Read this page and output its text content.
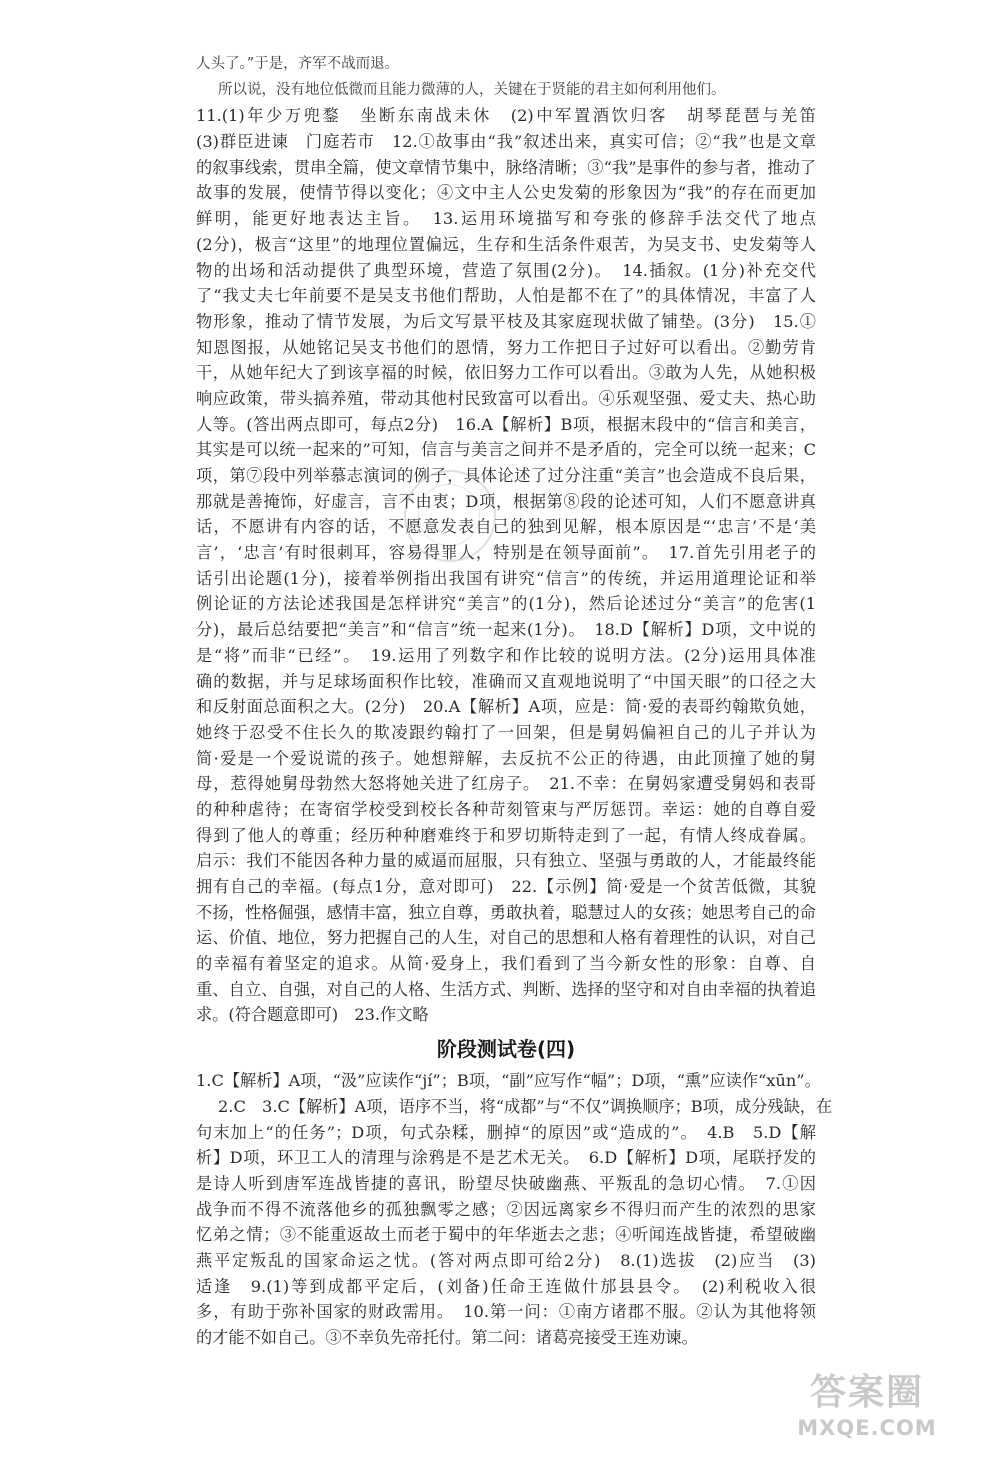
人头了。”于是，齐军不战而退。
所以说，没有地位低微而且能力微薄的人，关键在于贤能的君主如何利用他们。
11.(1)年少万兜鍪　坐断东南战未休　(2)中军置酒饮归客　胡琴琵琶与羌笛
(3)群臣进谏　门庭若市　12.①故事由“我”叙述出来，真实可信；②“我”也是文章
的叙事线索，贯串全篇，使文章情节集中，脉络清晰；③“我”是事件的参与者，推动了
故事的发展，使情节得以变化；④文中主人公史发菊的形象因为“我”的存在而更加
鲜明，能更好地表达主旨。　13.运用环境描写和夸张的修辞手法交代了地点
(2分)，极言“这里”的地理位置偏远，生存和生活条件艰苦，为吴支书、史发菊等人
物的出场和活动提供了典型环境，营造了氛围(2分)。　14.插叙。(1分)补充交代
了“我丈夫七年前要不是吴支书他们帮助，人怕是都不在了”的具体情况，丰富了人
物形象，推动了情节发展，为后文写景平枝及其家庭现状做了铺垫。(3分)　15.①
知恩图报，从她铭记吴支书他们的恩情，努力工作把日子过好可以看出。②勤劳肯
干，从她年纪大了到该享福的时候，依旧努力工作可以看出。③敢为人先，从她积极
响应政策，带头搞养殖，带动其他村民致富可以看出。④乐观坚强、爱丈夫、热心助
人等。(答出两点即可，每点2分)　16.A【解析】B项，根据末段中的“信言和美言，
其实是可以统一起来的”可知，信言与美言之间并不是矛盾的，完全可以统一起来；C
项，第⑦段中列举慕志演词的例子，具体论述了过分注重“美言”也会造成不良后果，
那就是善掩饰，好虚言，言不由衷；D项，根据第⑧段的论述可知，人们不愿意讲真
话，不愿讲有内容的话，不愿意发表自己的独到见解，根本原因是“‘忠言’不是‘美
言’，‘忠言’有时很刺耳，容易得罪人，特别是在领导面前”。　17.首先引用老子的
话引出论题(1分)，接着举例指出我国有讲究“信言”的传统，并运用道理论证和举
例论证的方法论述我国是怎样讲究“美言”的(1分)，然后论述过分“美言”的危害(1
分)，最后总结要把“美言”和“信言”统一起来(1分)。　18.D【解析】D项，文中说的
是“将”而非“已经”。　19.运用了列数字和作比较的说明方法。(2分)运用具体准
确的数据，并与足球场面积作比较，准确而又直观地说明了“中国天眼”的口径之大
和反射面总面积之大。(2分)　20.A【解析】A项，应是：简·爱的表哥约翰欺负她，
她终于忍受不住长久的欺凌跟约翰打了一回架，但是舅妈偏袒自己的儿子并认为
简·爱是一个爱说谎的孩子。她想辩解，去反抗不公正的待遇，由此顶撞了她的舅
母，惹得她舅母勃然大怒将她关进了红房子。　21.不幸：在舅妈家遭受舅妈和表哥
的种种虐待；在寄宿学校受到校长各种苛刻管束与严厉惩罚。幸运：她的自尊自爱
得到了他人的尊重；经历种种磨难终于和罗切斯特走到了一起，有情人终成眷属。
启示：我们不能因各种力量的威逼而屈服，只有独立、坚强与勇敢的人，才能最终能
拥有自己的幸福。(每点1分，意对即可)　22.【示例】简·爱是一个贫苦低微，其貌
不扬，性格倔强，感情丰富，独立自尊，勇敢执着，聪慧过人的女孩；她思考自己的命
运、价值、地位，努力把握自己的人生，对自己的思想和人格有着理性的认识，对自己
的幸福有着坚定的追求。从简·爱身上，我们看到了当今新女性的形象：自尊、自
重、自立、自强，对自己的人格、生活方式、判断、选择的坚守和对自由幸福的执着追
求。(符合题意即可)　23.作文略
阶段测试卷(四)
1.C【解析】A项，“汲”应读作“jí”；B项，“副”应写作“幅”；D项，“熏”应读作“xūn”。
2.C　3.C【解析】A项，语序不当，将“成都”与“不仅”调换顺序；B项，成分残缺，在
句末加上“的任务”；D项，句式杂糅，删掉“的原因”或“造成的”。　4.B　5.D【解
析】D项，环卫工人的清理与涂鸦是不是艺术无关。　6.D【解析】D项，尾联抒发的
是诗人听到唐军连战皆捷的喜讯，盼望尽快破幽燕、平叛乱的急切心情。　7.①因
战争而不得不流落他乡的孤独飘零之感；②因远离家乡不得归而产生的浓烈的思家
忆弟之情；③不能重返故土而老于蜀中的年华逝去之悲；④听闻连战皆捷，希望破幽
燕平定叛乱的国家命运之忧。(答对两点即可给2分)　8.(1)选拔　(2)应当　(3)
适逢　9.(1)等到成都平定后，(刘备)任命王连做什邡县县令。　(2)利税收入很
多，有助于弥补国家的财政需用。　10.第一问：①南方诸郡不服。②认为其他将领
的才能不如自己。③不幸负先帝托付。第二问：诸葛亮接受王连劝谏。
答案圈
MXQE.COM
